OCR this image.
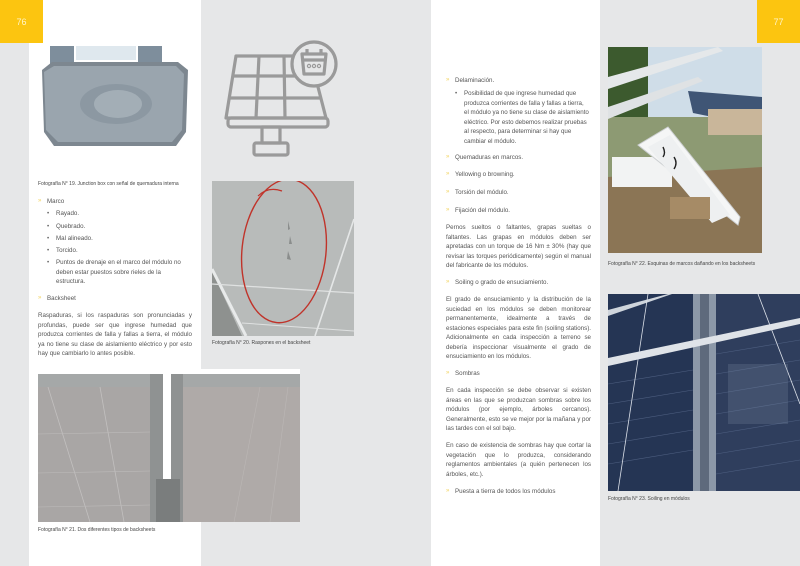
76	77
Fotografía N° 19. Junction box con señal de quemadura interna
» Marco
• Rayado.
• Quebrado.
• Mal alineado.
• Torcido.
• Puntos de drenaje en el marco del módulo no deben estar puestos sobre rieles de la estructura.
» Backsheet
Raspaduras, si los raspaduras son pronunciadas y profundas, puede ser que ingrese humedad que produzca corrientes de falla y fallas a tierra, el módulo ya no tiene su clase de aislamiento eléctrico y por esto hay que cambiarlo lo antes posible.
Fotografía N° 20. Raspones en el backsheet
Fotografía N° 21. Dos diferentes tipos de backsheets
» Delaminación.
• Posibilidad de que ingrese humedad que produzca corrientes de falla y fallas a tierra, el módulo ya no tiene su clase de aislamiento eléctrico. Por esto debemos realizar pruebas al respecto, para determinar si hay que cambiar el módulo.
» Quemaduras en marcos.
» Yellowing o browning.
» Torsión del módulo.
» Fijación del módulo.
Pernos sueltos o faltantes, grapas sueltas o faltantes. Las grapas en módulos deben ser apretadas con un torque de 16 Nm ± 30% (hay que revisar las torques periódicamente) según el manual del fabricante de los módulos.
» Soiling o grado de ensuciamiento.
El grado de ensuciamiento y la distribución de la suciedad en los módulos se deben monitorear permanentemente, idealmente a través de estaciones especiales para este fin (soiling stations). Adicionalmente en cada inspección a terreno se debería inspeccionar visualmente el grado de ensuciamiento en los módulos.
» Sombras
En cada inspección se debe observar si existen áreas en las que se produzcan sombras sobre los módulos (por ejemplo, árboles cercanos). Generalmente, esto se ve mejor por la mañana y por las tardes con el sol bajo.
En caso de existencia de sombras hay que cortar la vegetación que lo produzca, considerando reglamentos ambientales (a quién pertenecen los árboles, etc.).
» Puesta a tierra de todos los módulos
Fotografía N° 22. Esquinas de marcos dañando en los backsheets
Fotografía N° 23. Soiling en módulos
